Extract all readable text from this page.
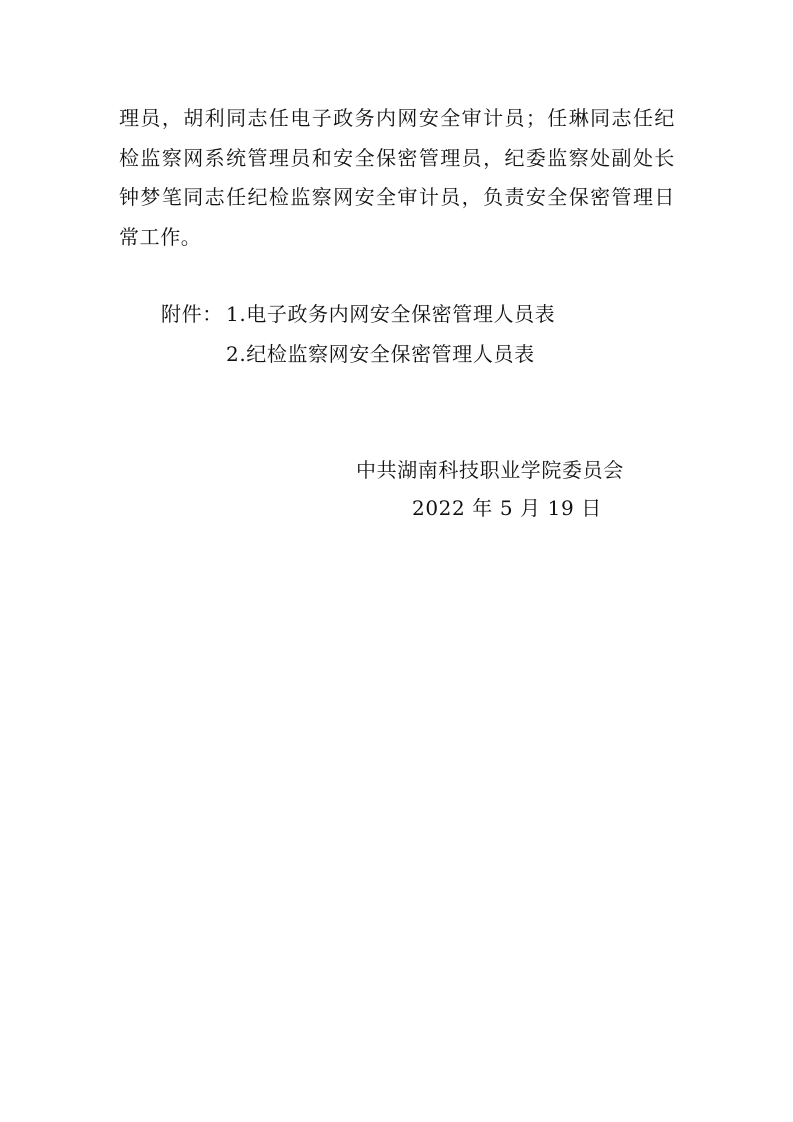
理员，胡利同志任电子政务内网安全审计员；任琳同志任纪
检监察网系统管理员和安全保密管理员，纪委监察处副处长
钟梦笔同志任纪检监察网安全审计员，负责安全保密管理日
常工作。
附件： 1.电子政务内网安全保密管理人员表
2.纪检监察网安全保密管理人员表
中共湖南科技职业学院委员会
2022 年 5 月 19 日
